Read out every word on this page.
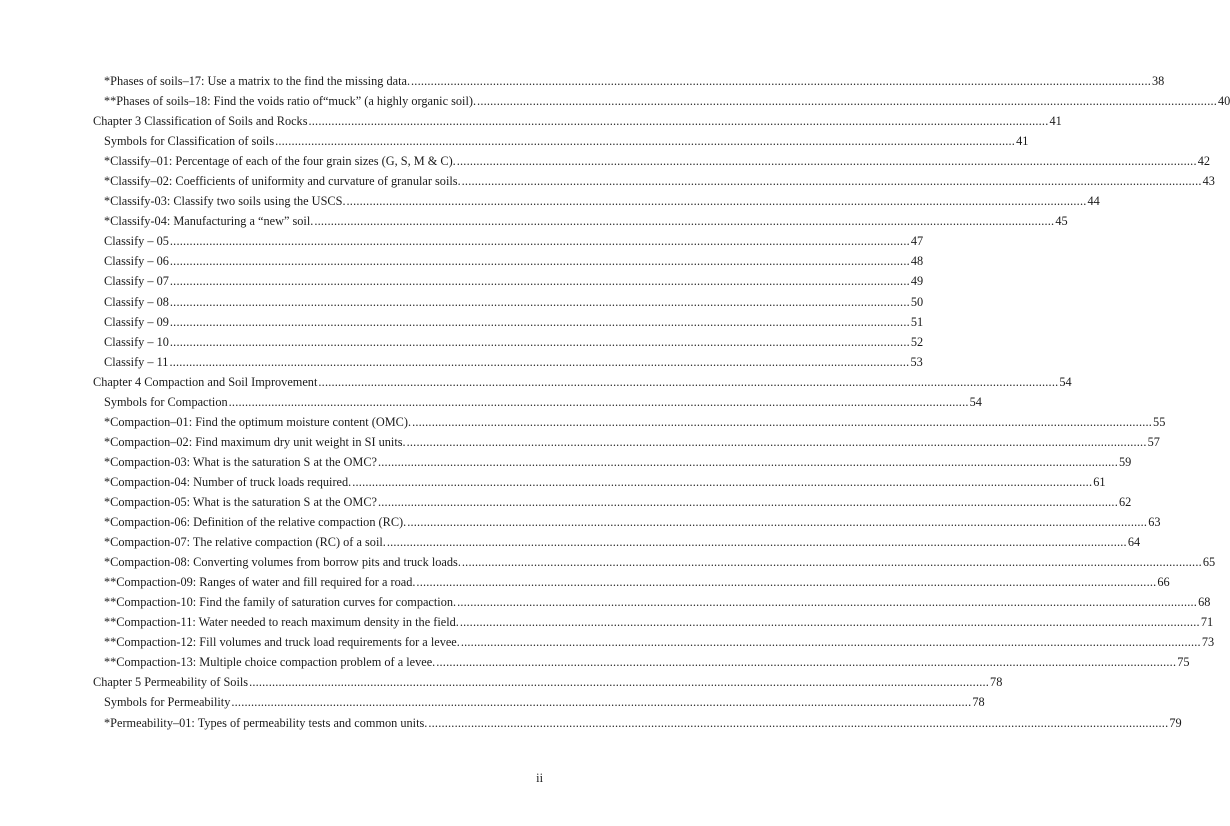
*Phases of soils–17: Use a matrix to the find the missing data. .....	38
**Phases of soils–18: Find the voids ratio of“muck” (a highly organic soil). .....	40
Chapter 3 Classification of Soils and Rocks .....	41
Symbols for Classification of soils .....	41
*Classify–01: Percentage of each of the four grain sizes (G, S, M & C). .....	42
*Classify–02: Coefficients of uniformity and curvature of granular soils. .....	43
*Classify-03: Classify two soils using the USCS. .....	44
*Classify-04: Manufacturing a “new” soil. .....	45
Classify – 05 .....	47
Classify – 06 .....	48
Classify – 07 .....	49
Classify – 08 .....	50
Classify – 09 .....	51
Classify – 10 .....	52
Classify – 11 .....	53
Chapter 4 Compaction and Soil Improvement .....	54
Symbols for Compaction .....	54
*Compaction–01: Find the optimum moisture content (OMC). .....	55
*Compaction–02: Find maximum dry unit weight in SI units. .....	57
*Compaction-03: What is the saturation S at the OMC? .....	59
*Compaction-04: Number of truck loads required. .....	61
*Compaction-05: What is the saturation S at the OMC? .....	62
*Compaction-06: Definition of the relative compaction (RC). .....	63
*Compaction-07: The relative compaction (RC) of a soil. .....	64
*Compaction-08: Converting volumes from borrow pits and truck loads. .....	65
**Compaction-09: Ranges of water and fill required for a road. .....	66
**Compaction-10: Find the family of saturation curves for compaction. .....	68
**Compaction-11: Water needed to reach maximum density in the field. .....	71
**Compaction-12: Fill volumes and truck load requirements for a levee. .....	73
**Compaction-13: Multiple choice compaction problem of a levee. .....	75
Chapter 5 Permeability of Soils .....	78
Symbols for Permeability .....	78
*Permeability–01: Types of permeability tests and common units. .....	79
ii
